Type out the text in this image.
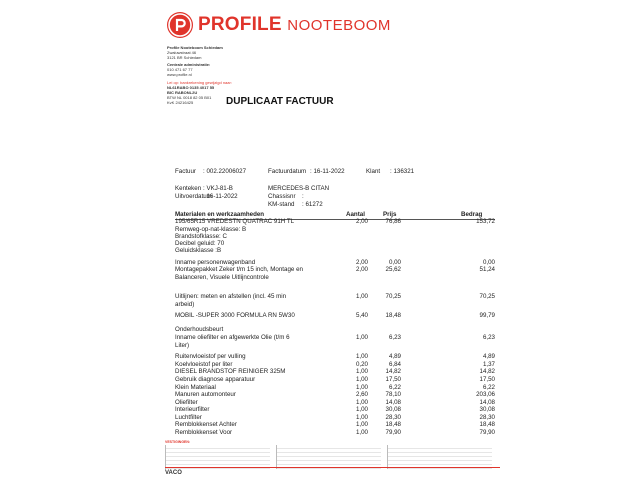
PROFILE NOOTEBOOM
Profile Nooteboom Schiedam
Zwaluwstraat 46
3121 BR Schiedam
Centrale administratie:
010 471 67 77
www.profile.nl
Lei op: bankrekening gewijzigd naar:
NL61RABO 0135 4017 55
BIC RABONL2U
BTW NL 0018 82 05 B01
KvK 24216425	DUPLICAAT FACTUUR
Factuur : 002.22006027	Factuurdatum : 16-11-2022	Klant : 136321
Kenteken : VKJ-81-B
Uitvoerdatum
: 16-11-2022
MERCEDES-B CITAN
Chassisnr :
KM-stand : 61272
Materialen en werkzaamheden	Aantal	Prijs	Bedrag
195/65R15 VREDESTN QUATRAC 91H TL	2,00	76,86	153,72
Remweg-op-nat-klasse: B
Brandstofklasse: C
Decibel geluid: 70
Geluidsklasse :B
Inname personenwagenband	2,00	0,00	0,00
Montagepakket Zeker t/m 15 inch, Montage en Balanceren, Visuele Uitlijncontrole
2,00	25,62	51,24
Uitlijnen: meten en afstellen (incl. 45 min arbeid)
1,00	70,25	70,25
MOBIL -SUPER 3000 FORMULA RN 5W30	5,40	18,48	99,79
Onderhoudsbeurt
Inname oliefilter en afgewerkte Olie (t/m 6 Liter)
1,00	6,23	6,23
Ruitenvloeistof per vulling	1,00	4,89	4,89
Koelvloeistof per liter	0,20	6,84	1,37
DIESEL BRANDSTOF REINIGER 325M	1,00	14,82	14,82
Gebruik diagnose apparatuur	1,00	17,50	17,50
Klein Materiaal	1,00	6,22	6,22
Manuren automonteur	2,60	78,10	203,06
Oliefilter	1,00	14,08	14,08
Interieurfilter	1,00	30,08	30,08
Luchtfilter	1,00	28,30	28,30
Remblokkenset Achter	1,00	18,48	18,48
Remblokkenset Voor	1,00	79,90	79,90
VESTIGINGEN:
VACO
